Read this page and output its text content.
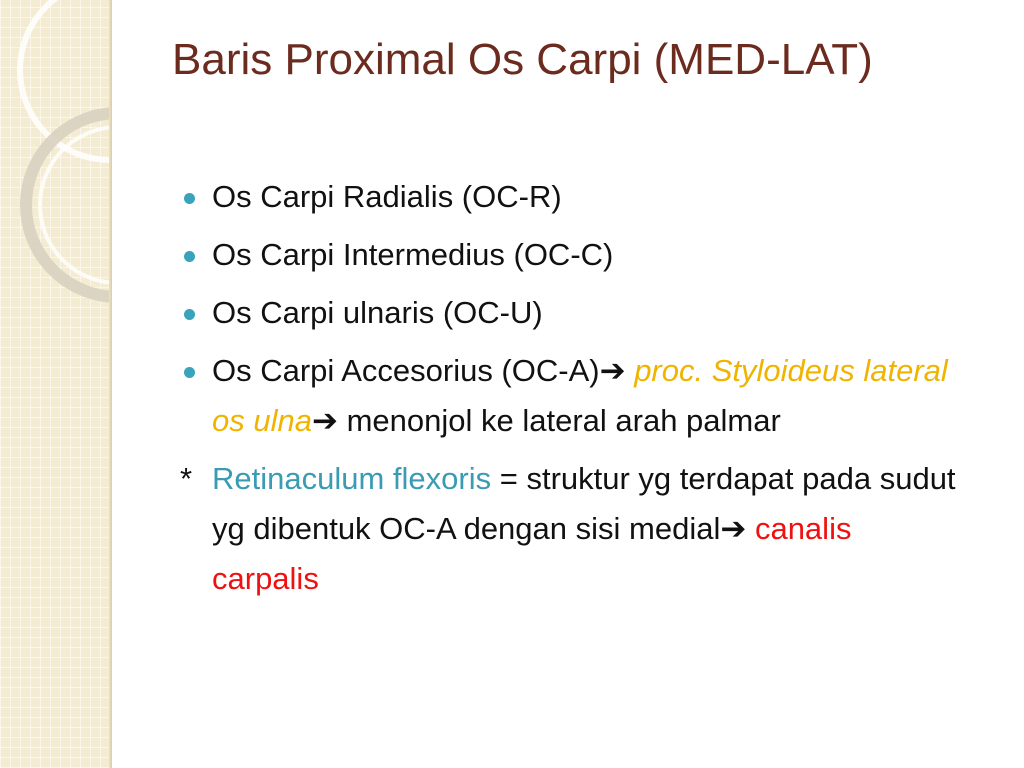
Baris Proximal Os Carpi (MED-LAT)
Os Carpi Radialis (OC-R)
Os Carpi Intermedius (OC-C)
Os Carpi ulnaris (OC-U)
Os Carpi Accesorius (OC-A)➔ proc. Styloideus lateral os ulna➔ menonjol ke lateral arah palmar
* Retinaculum flexoris = struktur yg terdapat pada sudut yg dibentuk OC-A dengan sisi medial➔ canalis carpalis
